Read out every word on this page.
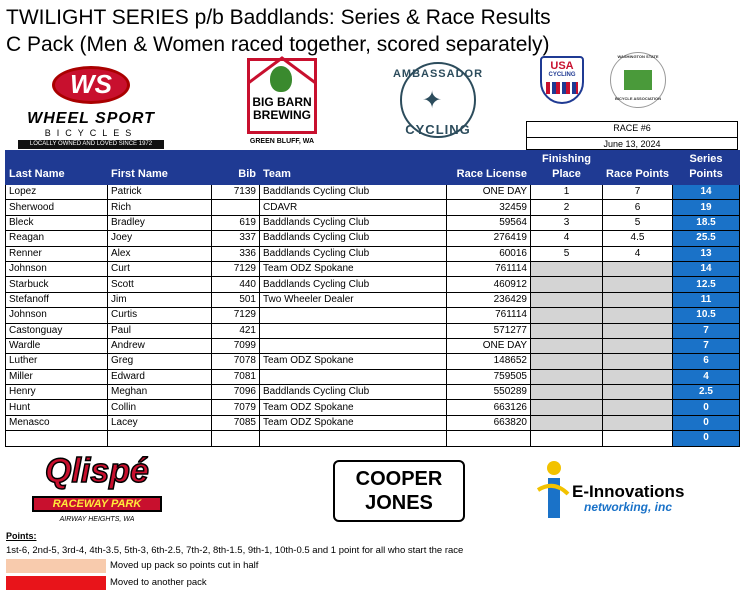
TWILIGHT SERIES p/b Baddlands: Series & Race Results
C Pack (Men & Women raced together, scored separately)
WS
WHEEL SPORT
BICYCLES
LOCALLY OWNED AND LOVED SINCE 1972
BIG BARN BREWING
GREEN BLUFF, WA
AMBASSADOR
✦
CYCLING
USA
CYCLING
WASHINGTON STATE
BICYCLE ASSOCIATION
RACE #6
June 13, 2024
Last Name	First Name	Bib	Team	Race License	Finishing Place	Race Points	Series Points
Lopez	Patrick	7139	Baddlands Cycling Club	ONE DAY	1	7	14
Sherwood	Rich		CDAVR	32459	2	6	19
Bleck	Bradley	619	Baddlands Cycling Club	59564	3	5	18.5
Reagan	Joey	337	Baddlands Cycling Club	276419	4	4.5	25.5
Renner	Alex	336	Baddlands Cycling Club	60016	5	4	13
Johnson	Curt	7129	Team ODZ Spokane	761114			14
Starbuck	Scott	440	Baddlands Cycling Club	460912			12.5
Stefanoff	Jim	501	Two Wheeler Dealer	236429			11
Johnson	Curtis	7129		761114			10.5
Castonguay	Paul	421		571277			7
Wardle	Andrew	7099		ONE DAY			7
Luther	Greg	7078	Team ODZ Spokane	148652			6
Miller	Edward	7081		759505			4
Henry	Meghan	7096	Baddlands Cycling Club	550289			2.5
Hunt	Collin	7079	Team ODZ Spokane	663126			0
Menasco	Lacey	7085	Team ODZ Spokane	663820			0
							0
Qlispé
RACEWAY PARK
AIRWAY HEIGHTS, WA
COOPER
JONES
E-Innovations
networking, inc
Points:
1st-6, 2nd-5, 3rd-4, 4th-3.5, 5th-3, 6th-2.5, 7th-2, 8th-1.5, 9th-1, 10th-0.5 and 1 point for all who start the race
Moved up pack so points cut in half
Moved to another pack
